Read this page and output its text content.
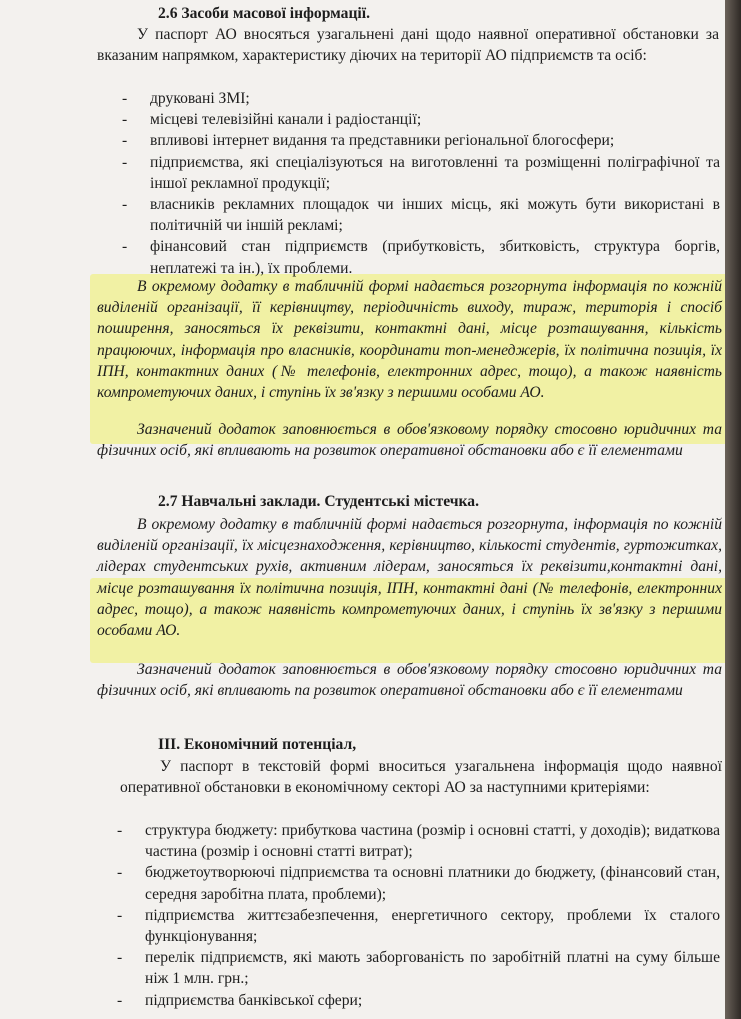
2.6 Засоби масової інформації.
У паспорт АО вносяться узагальнені дані щодо наявної оперативної обстановки за вказаним напрямком, характеристику діючих на території АО підприємств та осіб:
- друковані ЗМІ;
- місцеві телевізійні канали і радіостанції;
- впливові інтернет видання та представники регіональної блогосфери;
- підприємства, які спеціалізуються на виготовленні та розміщенні поліграфічної та іншої рекламної продукції;
- власників рекламних площадок чи інших місць, які можуть бути використані в політичній чи іншій рекламі;
- фінансовий стан підприємств (прибутковість, збитковість, структура боргів, неплатежі та ін.), їх проблеми.
В окремому додатку в табличній формі надається розгорнута інформація по кожній виділеній організації, її керівництву, періодичність виходу, тираж, територія і спосіб поширення, заносяться їх реквізити, контактні дані, місце розташування, кількість працюючих, інформація про власників, координати топ-менеджерів, їх політична позиція, їх ІПН, контактних даних (№ телефонів, електронних адрес, тощо), а також наявність компрометуючих даних, і ступінь їх зв'язку з першими особами АО.
Зазначений додаток заповнюється в обов'язковому порядку стосовно юридичних та фізичних осіб, які впливають на розвиток оперативної обстановки або є її елементами
2.7 Навчальні заклади. Студентські містечка.
В окремому додатку в табличній формі надається розгорнута, інформація по кожній виділеній організації, їх місцезнаходження, керівництво, кількості студентів, гуртожитках, лідерах студентських рухів, активним лідерам, заносяться їх реквізити,контактні дані, місце розташування їх політична позиція, ІПН, контактні дані (№ телефонів, електронних адрес, тощо), а також наявність компрометуючих даних, і ступінь їх зв'язку з першими особами АО.
Зазначений додаток заповнюється в обов'язковому порядку стосовно юридичних та фізичних осіб, які впливають па розвиток оперативної обстановки або є її елементами
ІІІ. Економічний потенціал,
У паспорт в текстовій формі вноситься узагальнена інформація щодо наявної оперативної обстановки в економічному секторі АО за наступними критеріями:
- структура бюджету: прибуткова частина (розмір і основні статті, у доходів); видаткова частина (розмір і основні статті витрат);
- бюджетоутворюючі підприємства та основні платники до бюджету, (фінансовий стан, середня заробітна плата, проблеми);
- підприємства життєзабезпечення, енергетичного сектору, проблеми їх сталого функціонування;
- перелік підприємств, які мають заборгованість по заробітній платні на суму більше ніж 1 млн. грн.;
- підприємства банківської сфери;
